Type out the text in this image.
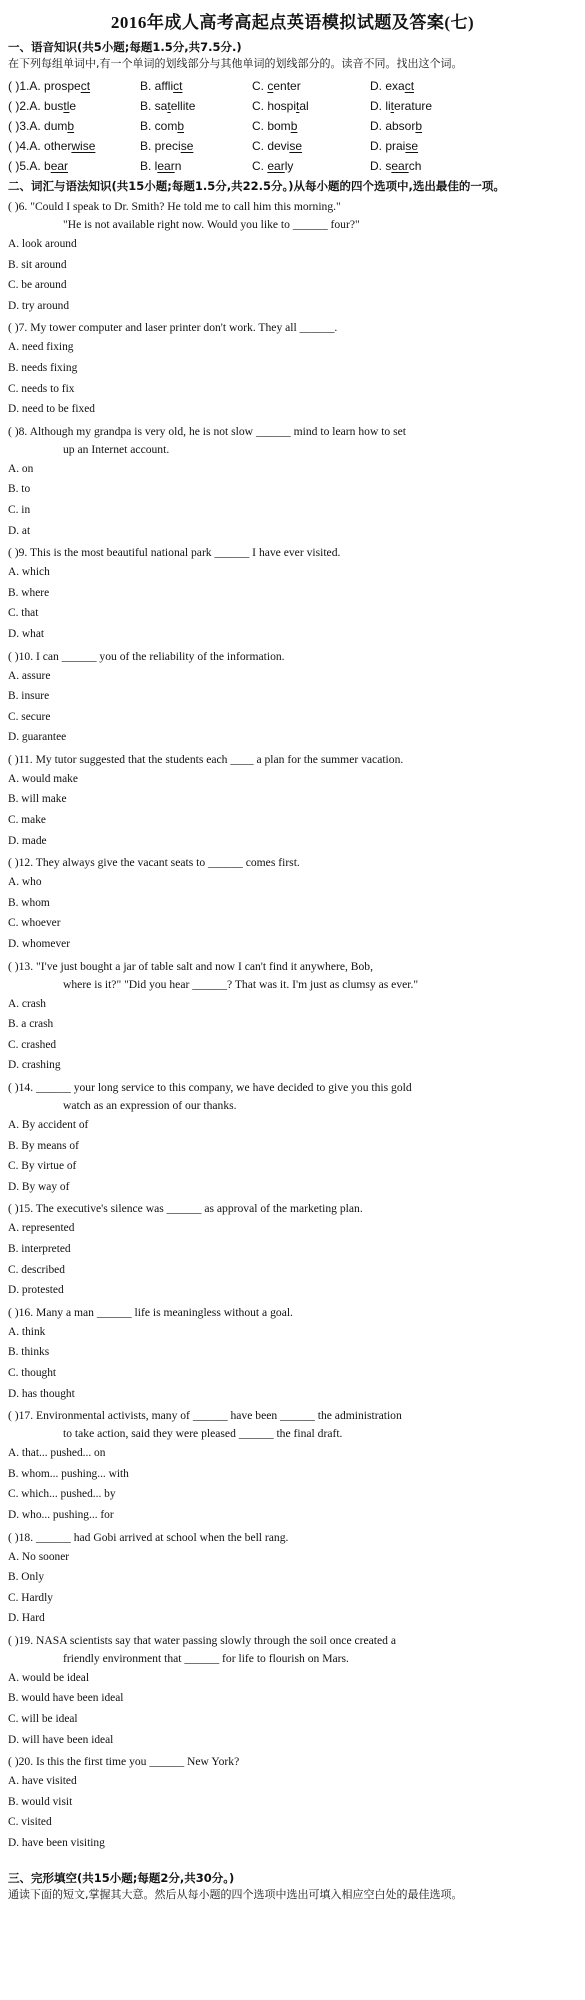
2016年成人高考高起点英语模拟试题及答案(七)

一、语音知识(共5小题;每题1.5分,共7.5分.)

在下列每组单词中,有一个单词的划线部分与其他单词的划线部分的。读音不同。找出这个词。

( )1.A. prospect	B. afflict	C. center	D. exact
( )2.A. bustle	B. satellite	C. hospital	D. literature
( )3.A. dumb	B. comb	C. bomb	D. absorb
( )4.A. otherwise	B. precise	C. devise	D. praise
( )5.A. bear	B. learn	C. early	D. search

二、词汇与语法知识(共15小题;每题1.5分,共22.5分。)从每小题的四个选项中,选出最佳的一项。

( )6. "Could I speak to Dr. Smith? He told me to call him this morning."
"He is not available right now. Would you like to ______ four?"

A. look around

B. sit around

C. be around

D. try around

( )7. My tower computer and laser printer don't work. They all ______.

A. need fixing

B. needs fixing

C. needs to fix

D. need to be fixed

( )8. Although my grandpa is very old, he is not slow ______ mind to learn how to set
up an Internet account.

A. on

B. to

C. in

D. at

( )9. This is the most beautiful national park ______ I have ever visited.

A. which

B. where

C. that

D. what

( )10. I can ______ you of the reliability of the information.

A. assure

B. insure

C. secure

D. guarantee

( )11. My tutor suggested that the students each ____ a plan for the summer vacation.

A. would make

B. will make

C. make

D. made

( )12. They always give the vacant seats to ______ comes first.

A. who

B. whom

C. whoever

D. whomever

( )13. "I've just bought a jar of table salt and now I can't find it anywhere, Bob,
where is it?" "Did you hear ______? That was it. I'm just as clumsy as ever."

A. crash

B. a crash

C. crashed

D. crashing

( )14. ______ your long service to this company, we have decided to give you this gold
watch as an expression of our thanks.

A. By accident of

B. By means of

C. By virtue of

D. By way of

( )15. The executive's silence was ______ as approval of the marketing plan.

A. represented

B. interpreted

C. described

D. protested

( )16. Many a man ______ life is meaningless without a goal.

A. think

B. thinks

C. thought

D. has thought

( )17. Environmental activists, many of ______ have been ______ the administration
to take action, said they were pleased ______ the final draft.

A. that... pushed... on

B. whom... pushing... with

C. which... pushed... by

D. who... pushing... for

( )18. ______ had Gobi arrived at school when the bell rang.

A. No sooner

B. Only

C. Hardly

D. Hard

( )19. NASA scientists say that water passing slowly through the soil once created a
friendly environment that ______ for life to flourish on Mars.

A. would be ideal

B. would have been ideal

C. will be ideal

D. will have been ideal

( )20. Is this the first time you ______ New York?

A. have visited

B. would visit

C. visited

D. have been visiting

三、完形填空(共15小题;每题2分,共30分。)

通读下面的短文,掌握其大意。然后从每小题的四个选项中选出可填入相应空白处的最佳选项。
